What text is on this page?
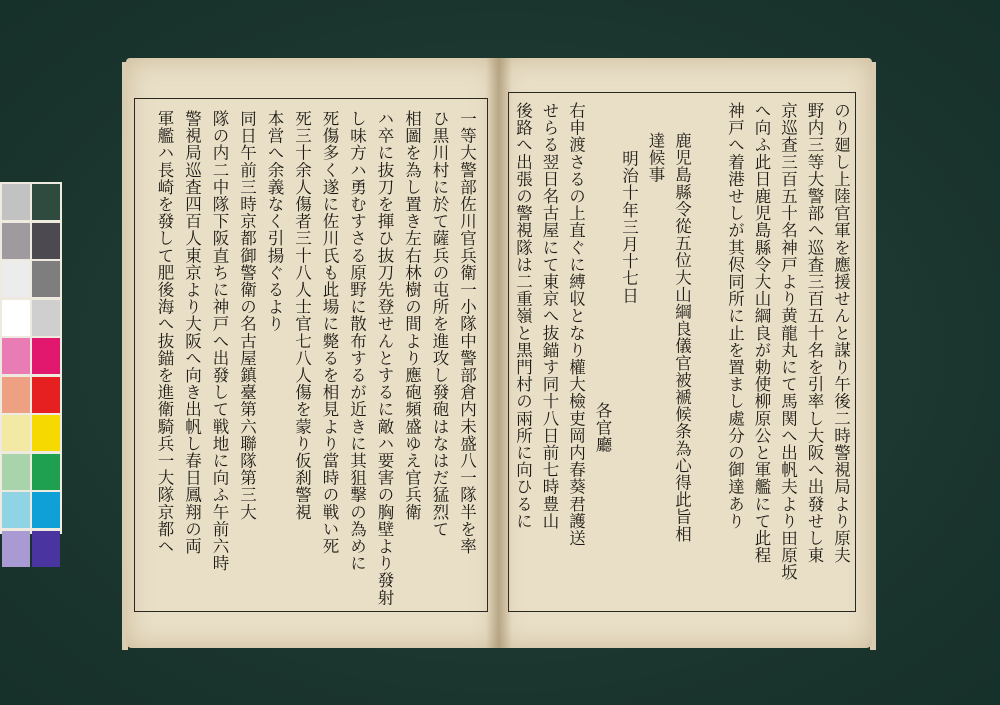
一等大警部佐川官兵衛一小隊中警部倉内未盛八一隊半を率
ひ黒川村に於て薩兵の屯所を進攻し發砲はなはだ猛烈て
相圖を為し置き左右林樹の間より應砲頻盛ゆえ官兵衛
ハ卒に抜刀を揮ひ抜刀先登せんとするに敵ハ要害の胸壁より發射
し味方ハ勇むすさる原野に散布するが近きに其狙撃の為めに
死傷多く遂に佐川氏も此場に斃るを相見より當時の戦い死
死三十余人傷者三十八人士官七八人傷を蒙り仮刹警視
本営へ余義なく引揚ぐるより
同日午前三時京都御警衛の名古屋鎮臺第六聯隊第三大
隊の内二中隊下阪直ちに神戸へ出發して戦地に向ふ午前六時
警視局巡査四百人東京より大阪へ向き出帆し春日鳳翔の両
軍艦ハ長崎を發して肥後海へ抜錨を進衛騎兵一大隊京都ヘ	のり廻し上陸官軍を應援せんと謀り午後二時警視局より原夫
野内三等大警部へ巡査三百五十名を引率し大阪へ出發せし東
京巡査三百五十名神戸より黄龍丸にて馬関へ出帆夫より田原坂
へ向ふ此日鹿児島縣令大山綱良が勅使柳原公と軍艦にて此程
神戸へ着港せしが其侭同所に止を置まし處分の御達あり
鹿児島縣令從五位大山綱良儀官被褫候条為心得此旨相
達候事
明治十年三月十七日
各官廳
右申渡さるの上直ぐに縛収となり權大檢吏岡内春葵君護送
せらる翌日名古屋にて東京へ抜錨す同十八日前七時豊山
後路へ出張の警視隊は二重嶺と黒門村の兩所に向ひるに
